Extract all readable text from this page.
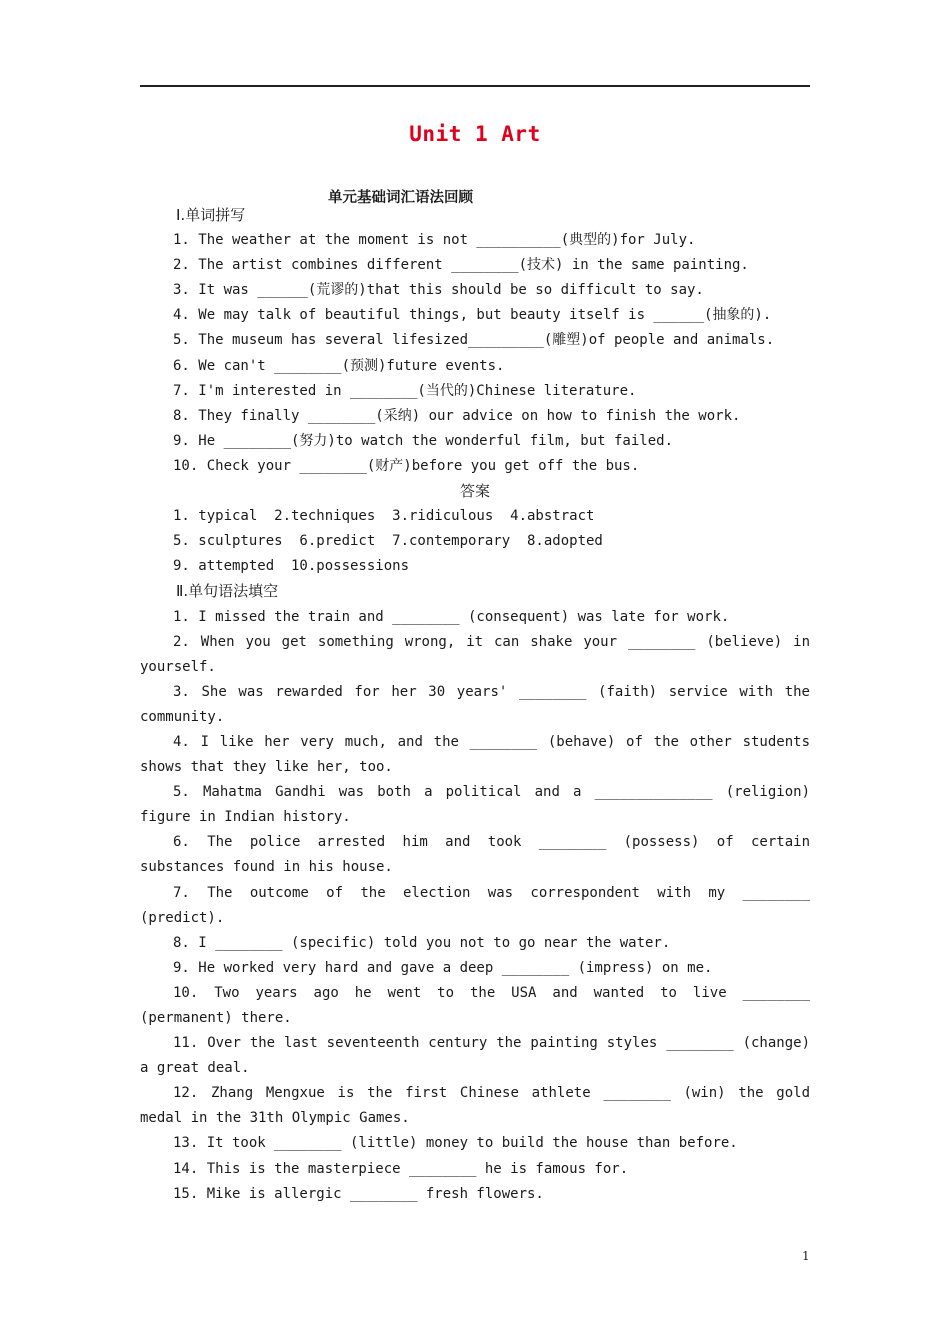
Unit 1 Art
单元基础词汇语法回顾
Ⅰ.单词拼写
1. The weather at the moment is not __________(典型的)for July.
2. The artist combines different ________(技术) in the same painting.
3. It was ______(荒谬的)that this should be so difficult to say.
4. We may talk of beautiful things, but beauty itself is ______(抽象的).
5. The museum has several lifesized_________(雕塑)of people and animals.
6. We can't ________(预测)future events.
7. I'm interested in ________(当代的)Chinese literature.
8. They finally ________(采纳) our advice on how to finish the work.
9. He ________(努力)to watch the wonderful film, but failed.
10. Check your ________(财产)before you get off the bus.
答案
1. typical  2.techniques  3.ridiculous  4.abstract
5. sculptures  6.predict  7.contemporary  8.adopted
9. attempted  10.possessions
Ⅱ.单句语法填空
1. I missed the train and ________ (consequent) was late for work.
2. When you get something wrong, it can shake your ________ (believe) in yourself.
3. She was rewarded for her 30 years' ________ (faith) service with the community.
4. I like her very much, and the ________ (behave) of the other students shows that they like her, too.
5. Mahatma Gandhi was both a political and a ______________ (religion) figure in Indian history.
6. The police arrested him and took ________ (possess) of certain substances found in his house.
7. The outcome of the election was correspondent with my ________ (predict).
8. I ________ (specific) told you not to go near the water.
9. He worked very hard and gave a deep ________ (impress) on me.
10. Two years ago he went to the USA and wanted to live ________ (permanent) there.
11. Over the last seventeenth century the painting styles ________ (change) a great deal.
12. Zhang Mengxue is the first Chinese athlete ________ (win) the gold medal in the 31th Olympic Games.
13. It took ________ (little) money to build the house than before.
14. This is the masterpiece ________ he is famous for.
15. Mike is allergic ________ fresh flowers.
1
